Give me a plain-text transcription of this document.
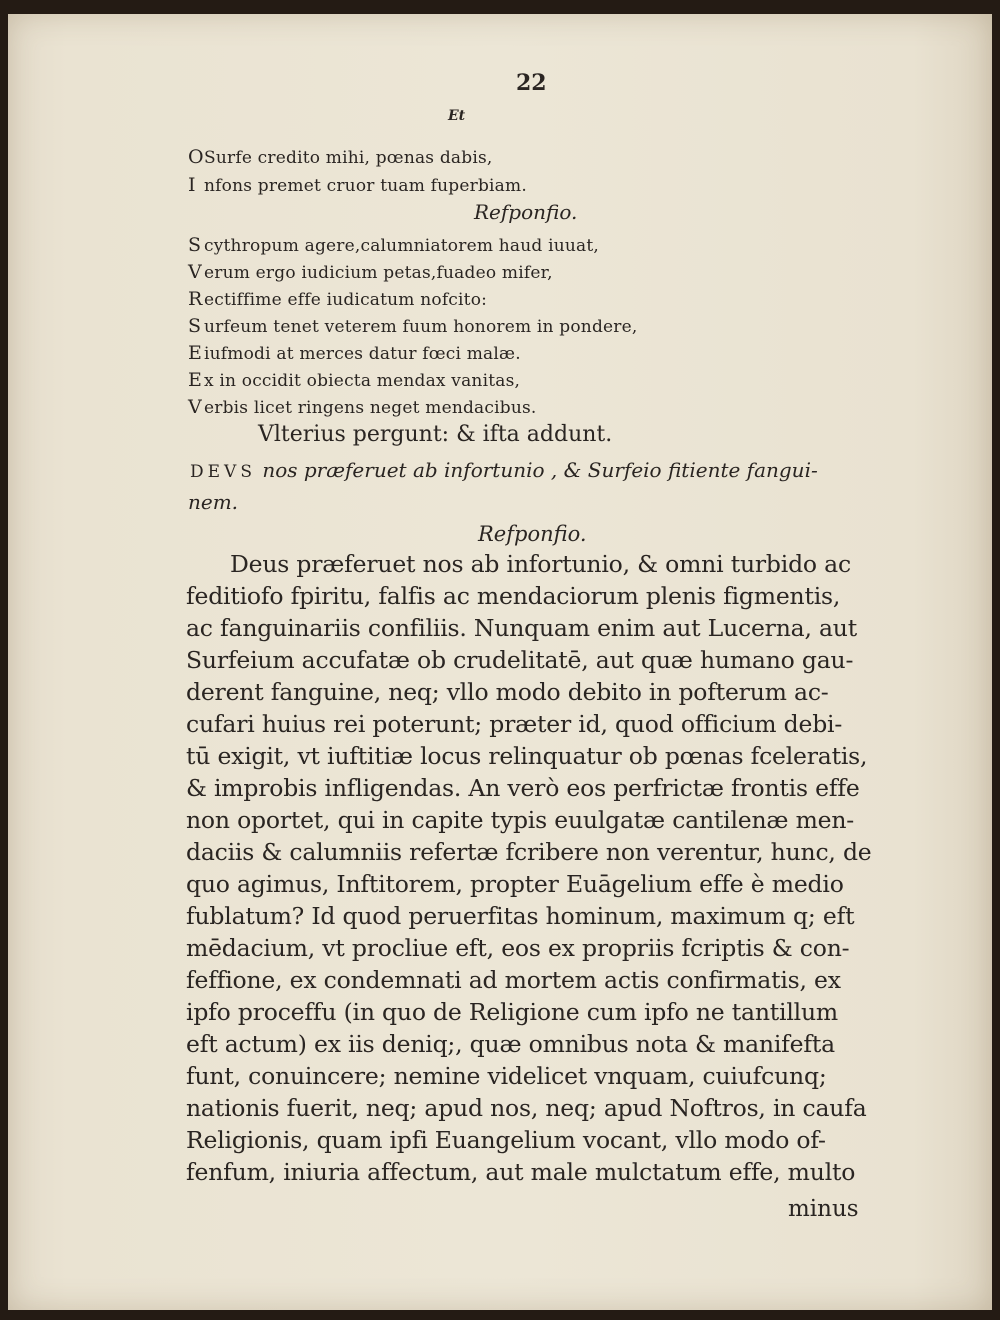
22
Et
OSurfe credito mihi, pœnas dabis,
I nfons premet cruor tuam fuperbiam.
Refponfio.
S cythropum agere,calumniatorem haud iuuat,
V erum ergo iudicium petas,fuadeo mifer,
Rectiffime effe iudicatum nofcito:
S urfeum tenet veterem fuum honorem in pondere,
E iufmodi at merces datur fœci malæ.
E x in occidit obiecta mendax vanitas,
V erbis licet ringens neget mendacibus.
Vlterius pergunt: & ifta addunt.
DEVS nos præferuet ab infortunio , & Surfeio fitiente fangui-
nem.
Refponfio.
Deus præferuet nos ab infortunio, & omni turbido ac
feditiofo fpiritu, falfis ac mendaciorum plenis figmentis,
ac fanguinariis confiliis. Nunquam enim aut Lucerna, aut
Surfeium accufatæ ob crudelitatē, aut quæ humano gau-
derent fanguine, neq; vllo modo debito in pofterum ac-
cufari huius rei poterunt; præter id, quod officium debi-
tū exigit, vt iuftitiæ locus relinquatur ob pœnas fceleratis,
& improbis infligendas. An verò eos perfrictæ frontis effe
non oportet, qui in capite typis euulgatæ cantilenæ men-
daciis & calumniis refertæ fcribere non verentur, hunc, de
quo agimus, Inftitorem, propter Euāgelium effe è medio
fublatum? Id quod peruerfitas hominum, maximum q; eft
mēdacium, vt procliue eft, eos ex propriis fcriptis & con-
feffione, ex condemnati ad mortem actis confirmatis, ex
ipfo proceffu (in quo de Religione cum ipfo ne tantillum
eft actum) ex iis deniq;, quæ omnibus nota & manifefta
funt, conuincere; nemine videlicet vnquam, cuiufcunq;
nationis fuerit, neq; apud nos, neq; apud Noftros, in caufa
Religionis, quam ipfi Euangelium vocant, vllo modo of-
fenfum, iniuria affectum, aut male mulctatum effe, multo
minus
